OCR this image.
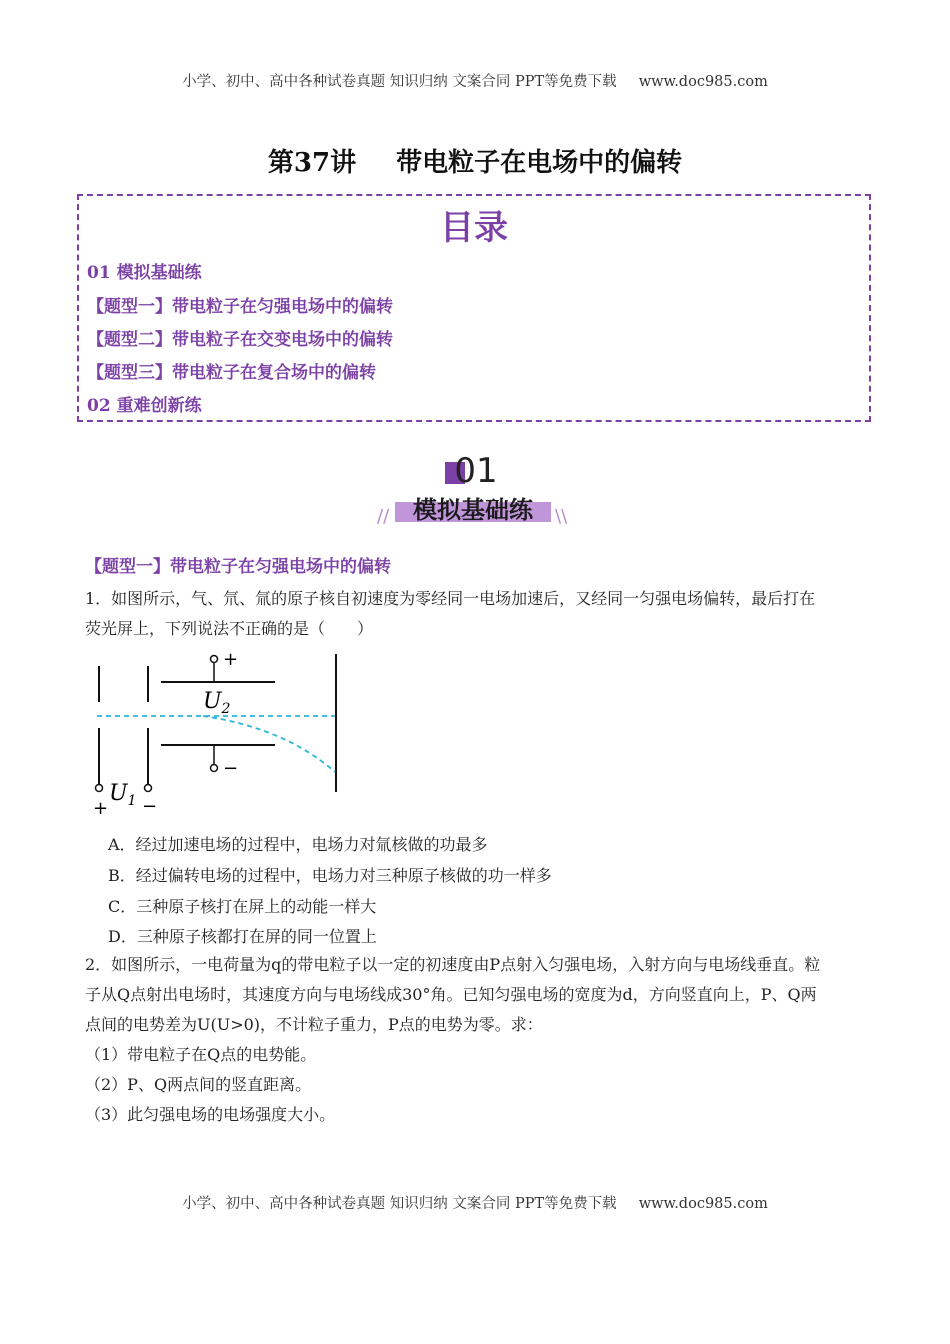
小学、初中、高中各种试卷真题 知识归纳 文案合同 PPT等免费下载 www.doc985.com
第37讲 带电粒子在电场中的偏转
目录
01 模拟基础练
【题型一】带电粒子在匀强电场中的偏转
【题型二】带电粒子在交变电场中的偏转
【题型三】带电粒子在复合场中的偏转
02 重难创新练
01
模拟基础练
//	\\
【题型一】带电粒子在匀强电场中的偏转
1．如图所示，气、氘、氚的原子核自初速度为零经同一电场加速后，又经同一匀强电场偏转，最后打在
荧光屏上，下列说法不正确的是（　　）
+ −
$U_1$
+
−
$U_2$
A．经过加速电场的过程中，电场力对氚核做的功最多
B．经过偏转电场的过程中，电场力对三种原子核做的功一样多
C．三种原子核打在屏上的动能一样大
D．三种原子核都打在屏的同一位置上
2．如图所示，一电荷量为q的带电粒子以一定的初速度由P点射入匀强电场，入射方向与电场线垂直。粒
子从Q点射出电场时，其速度方向与电场线成30°角。已知匀强电场的宽度为d，方向竖直向上，P、Q两
点间的电势差为U(U>0)，不计粒子重力，P点的电势为零。求：
（1）带电粒子在Q点的电势能。
（2）P、Q两点间的竖直距离。
（3）此匀强电场的电场强度大小。
小学、初中、高中各种试卷真题 知识归纳 文案合同 PPT等免费下载 www.doc985.com
